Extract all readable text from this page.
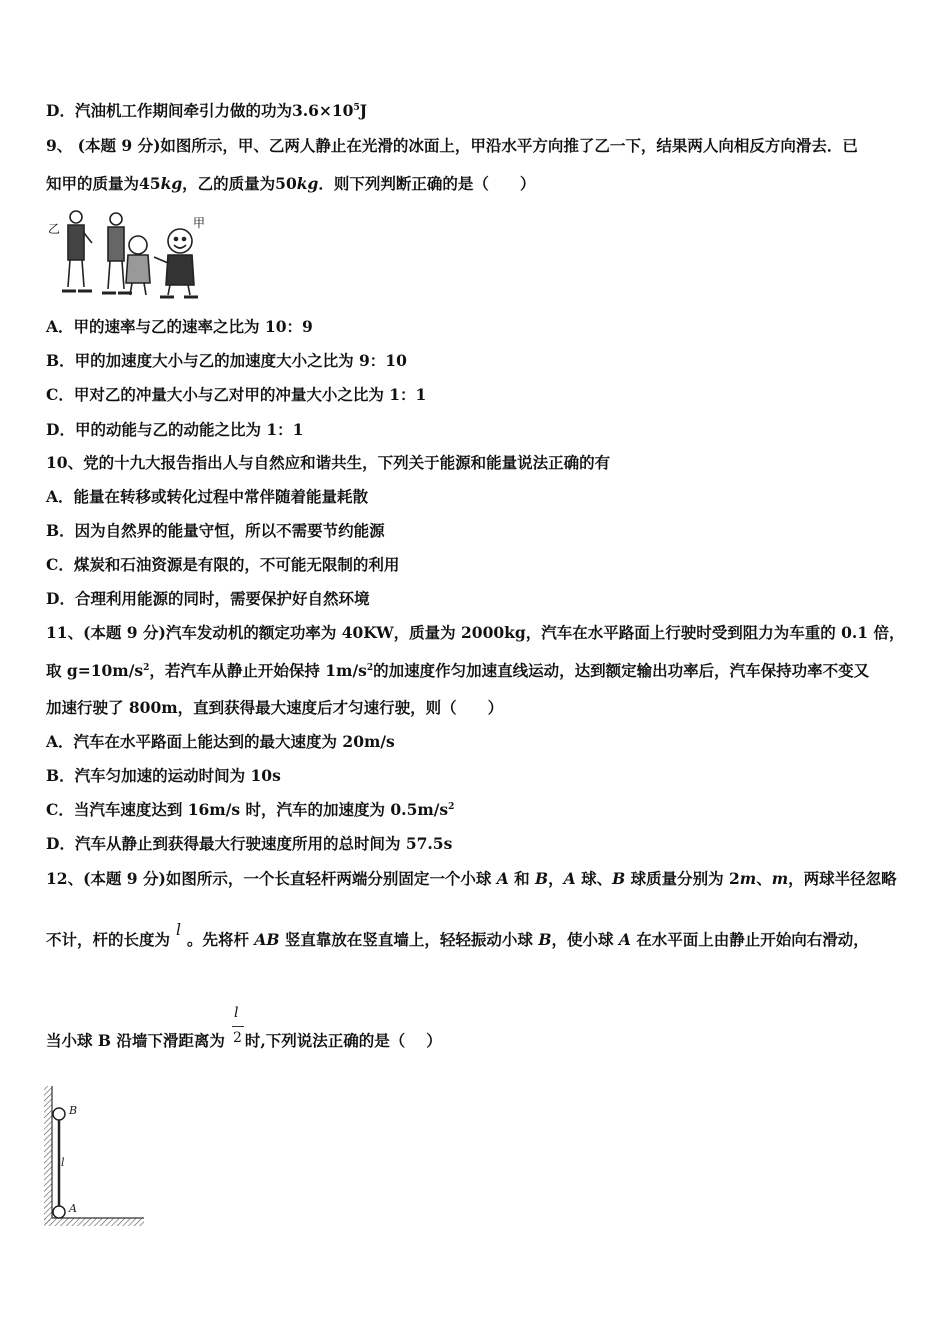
D．汽油机工作期间牵引力做的功为$3.6\times 10^5J$
9、 (本题 9 分)如图所示，甲、乙两人静止在光滑的冰面上，甲沿水平方向推了乙一下，结果两人向相反方向滑去．已
知甲的质量为45kg，乙的质量为50kg．则下列判断正确的是（　　）
乙	甲
A．甲的速率与乙的速率之比为 10：9
B．甲的加速度大小与乙的加速度大小之比为 9：10
C．甲对乙的冲量大小与乙对甲的冲量大小之比为 1：1
D．甲的动能与乙的动能之比为 1：1
10、党的十九大报告指出人与自然应和谐共生，下列关于能源和能量说法正确的有
A．能量在转移或转化过程中常伴随着能量耗散
B．因为自然界的能量守恒，所以不需要节约能源
C．煤炭和石油资源是有限的，不可能无限制的利用
D．合理利用能源的同时，需要保护好自然环境
11、(本题 9 分)汽车发动机的额定功率为 40KW，质量为 2000kg，汽车在水平路面上行驶时受到阻力为车重的 0.1 倍，
取 $g=10m/s^2$，若汽车从静止开始保持 $1m/s^2$的加速度作匀加速直线运动，达到额定输出功率后，汽车保持功率不变又
加速行驶了 800m，直到获得最大速度后才匀速行驶，则（　　）
A．汽车在水平路面上能达到的最大速度为 20m/s
B．汽车匀加速的运动时间为 10s
C．当汽车速度达到 16m/s 时，汽车的加速度为 $0.5m/s^2$
D．汽车从静止到获得最大行驶速度所用的总时间为 57.5s
12、(本题 9 分)如图所示，一个长直轻杆两端分别固定一个小球 A 和 B，A 球、B 球质量分别为 2m、m，两球半径忽略
不计，杆的长度为 l 。先将杆 AB 竖直靠放在竖直墙上，轻轻振动小球 B，使小球 A 在水平面上由静止开始向右滑动，
当小球 B 沿墙下滑距离为 时,下列说法正确的是（　 ）
l
2
B
l
A
